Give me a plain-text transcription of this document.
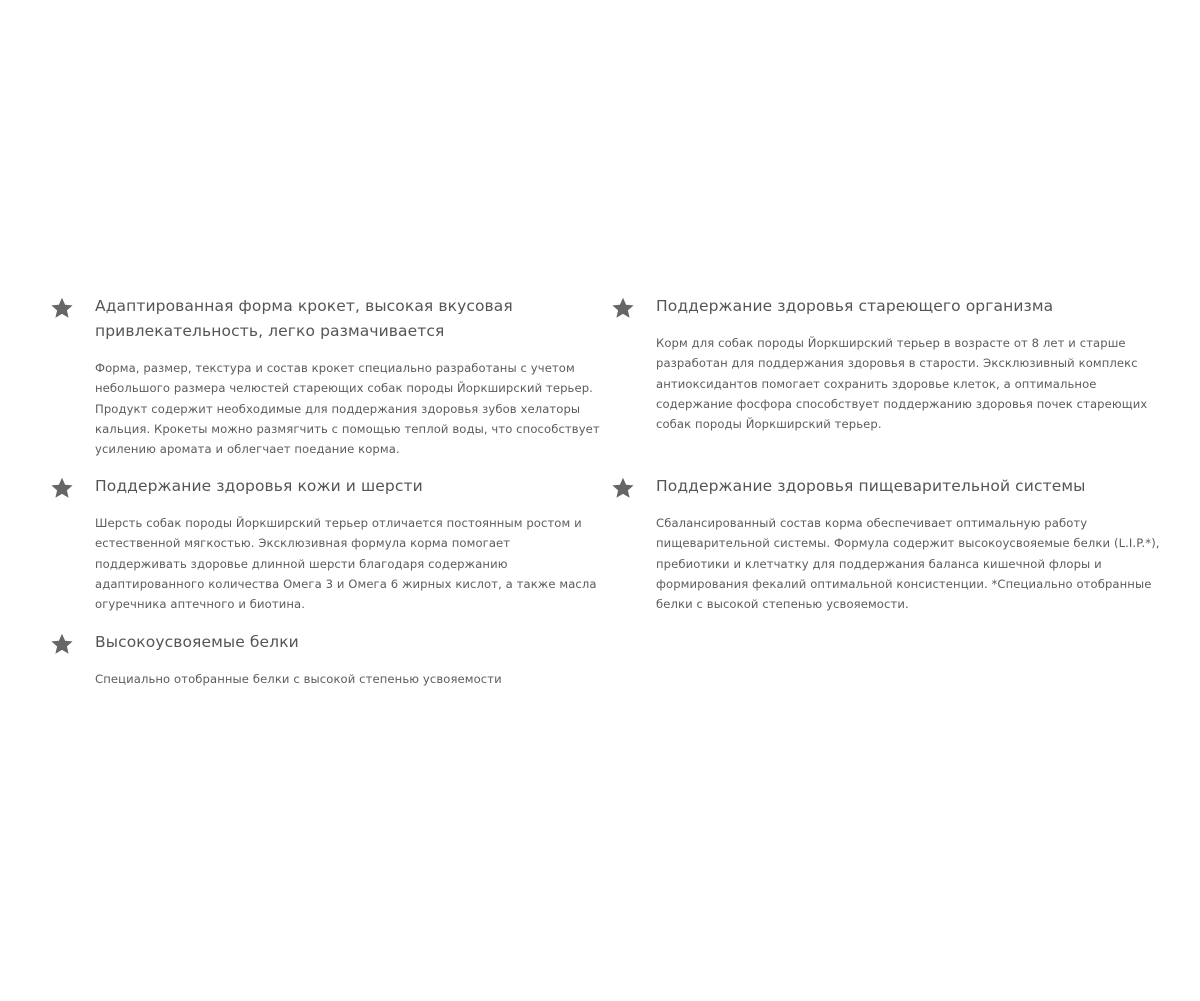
Адаптированная форма крокет, высокая вкусовая привлекательность, легко размачивается

Форма, размер, текстура и состав крокет специально разработаны с учетом небольшого размера челюстей стареющих собак породы Йоркширский терьер. Продукт содержит необходимые для поддержания здоровья зубов хелаторы кальция. Крокеты можно размягчить с помощью теплой воды, что способствует усилению аромата и облегчает поедание корма.

Поддержание здоровья стареющего организма

Корм для собак породы Йоркширский терьер в возрасте от 8 лет и старше разработан для поддержания здоровья в старости. Эксклюзивный комплекс антиоксидантов помогает сохранить здоровье клеток, а оптимальное содержание фосфора способствует поддержанию здоровья почек стареющих собак породы Йоркширский терьер.

Поддержание здоровья кожи и шерсти

Шерсть собак породы Йоркширский терьер отличается постоянным ростом и естественной мягкостью. Эксклюзивная формула корма помогает поддерживать здоровье длинной шерсти благодаря содержанию адаптированного количества Омега 3 и Омега 6 жирных кислот, а также масла огуречника аптечного и биотина.

Поддержание здоровья пищеварительной системы

Сбалансированный состав корма обеспечивает оптимальную работу пищеварительной системы. Формула содержит высокоусвояемые белки (L.I.P.*), пребиотики и клетчатку для поддержания баланса кишечной флоры и формирования фекалий оптимальной консистенции. *Специально отобранные белки с высокой степенью усвояемости.

Высокоусвояемые белки

Специально отобранные белки с высокой степенью усвояемости
